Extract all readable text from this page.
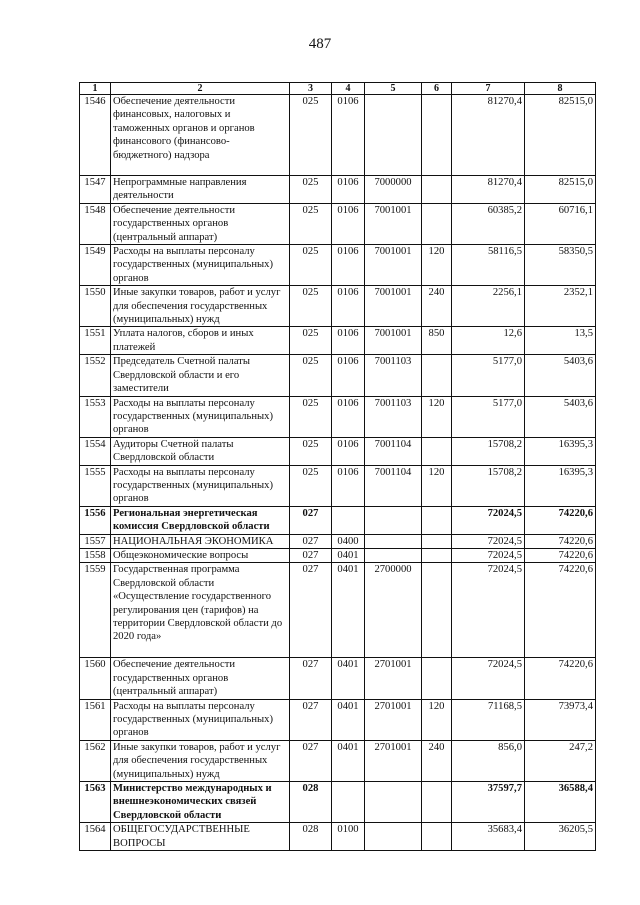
487
1	2	3	4	5	6	7	8
1546	Обеспечение деятельности финансовых, налоговых и таможенных органов и органов финансового (финансово-бюджетного) надзора	025	0106			81270,4	82515,0
1547	Непрограммные направления деятельности	025	0106	7000000		81270,4	82515,0
1548	Обеспечение деятельности государственных органов (центральный аппарат)	025	0106	7001001		60385,2	60716,1
1549	Расходы на выплаты персоналу государственных (муниципальных) органов	025	0106	7001001	120	58116,5	58350,5
1550	Иные закупки товаров, работ и услуг для обеспечения государственных (муниципальных) нужд	025	0106	7001001	240	2256,1	2352,1
1551	Уплата налогов, сборов и иных платежей	025	0106	7001001	850	12,6	13,5
1552	Председатель Счетной палаты Свердловской области и его заместители	025	0106	7001103		5177,0	5403,6
1553	Расходы на выплаты персоналу государственных (муниципальных) органов	025	0106	7001103	120	5177,0	5403,6
1554	Аудиторы Счетной палаты Свердловской области	025	0106	7001104		15708,2	16395,3
1555	Расходы на выплаты персоналу государственных (муниципальных) органов	025	0106	7001104	120	15708,2	16395,3
1556	Региональная энергетическая комиссия Свердловской области	027				72024,5	74220,6
1557	НАЦИОНАЛЬНАЯ ЭКОНОМИКА	027	0400			72024,5	74220,6
1558	Общеэкономические вопросы	027	0401			72024,5	74220,6
1559	Государственная программа Свердловской области «Осуществление государственного регулирования цен (тарифов) на территории Свердловской области до 2020 года»	027	0401	2700000		72024,5	74220,6
1560	Обеспечение деятельности государственных органов (центральный аппарат)	027	0401	2701001		72024,5	74220,6
1561	Расходы на выплаты персоналу государственных (муниципальных) органов	027	0401	2701001	120	71168,5	73973,4
1562	Иные закупки товаров, работ и услуг для обеспечения государственных (муниципальных) нужд	027	0401	2701001	240	856,0	247,2
1563	Министерство международных и внешнеэкономических связей Свердловской области	028				37597,7	36588,4
1564	ОБЩЕГОСУДАРСТВЕННЫЕ ВОПРОСЫ	028	0100			35683,4	36205,5
